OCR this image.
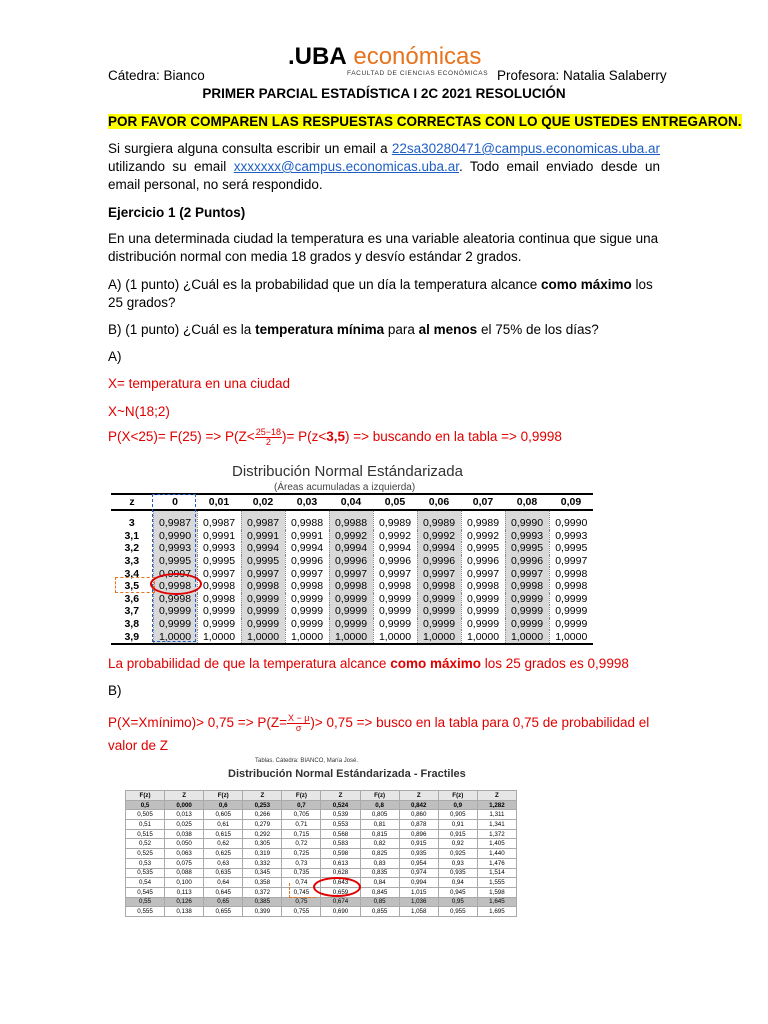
Cátedra: Bianco
.UBA económicas
FACULTAD DE CIENCIAS ECONÓMICAS Profesora: Natalia Salaberry
PRIMER PARCIAL ESTADÍSTICA I 2C 2021 RESOLUCIÓN
POR FAVOR COMPAREN LAS RESPUESTAS CORRECTAS CON LO QUE USTEDES ENTREGARON.
Si surgiera alguna consulta escribir un email a 22sa30280471@campus.economicas.uba.ar utilizando su email xxxxxxx@campus.economicas.uba.ar. Todo email enviado desde un email personal, no será respondido.
Ejercicio 1 (2 Puntos)
En una determinada ciudad la temperatura es una variable aleatoria continua que sigue una distribución normal con media 18 grados y desvío estándar 2 grados.
A) (1 punto) ¿Cuál es la probabilidad que un día la temperatura alcance como máximo los 25 grados?
B) (1 punto) ¿Cuál es la temperatura mínima para al menos el 75% de los días?
A)
X= temperatura en una ciudad
X~N(18;2)
$P(X<25)= F(25) => P(Z< \frac{25-18}{2}$ )= P(z<3,5) => buscando en la tabla => 0,9998
Distribución Normal Estándarizada
(Áreas acumuladas a izquierda)
z	0	0,01	0,02	0,03	0,04	0,05	0,06	0,07	0,08	0,09
3	0,9987	0,9987	0,9987	0,9988	0,9988	0,9989	0,9989	0,9989	0,9990	0,9990
3,1	0,9990	0,9991	0,9991	0,9991	0,9992	0,9992	0,9992	0,9992	0,9993	0,9993
3,2	0,9993	0,9993	0,9994	0,9994	0,9994	0,9994	0,9994	0,9995	0,9995	0,9995
3,3	0,9995	0,9995	0,9995	0,9996	0,9996	0,9996	0,9996	0,9996	0,9996	0,9997
3,4	0,9997	0,9997	0,9997	0,9997	0,9997	0,9997	0,9997	0,9997	0,9997	0,9998
3,5	0,9998	0,9998	0,9998	0,9998	0,9998	0,9998	0,9998	0,9998	0,9998	0,9998
3,6	0,9998	0,9998	0,9999	0,9999	0,9999	0,9999	0,9999	0,9999	0,9999	0,9999
3,7	0,9999	0,9999	0,9999	0,9999	0,9999	0,9999	0,9999	0,9999	0,9999	0,9999
3,8	0,9999	0,9999	0,9999	0,9999	0,9999	0,9999	0,9999	0,9999	0,9999	0,9999
3,9	1,0000	1,0000	1,0000	1,0000	1,0000	1,0000	1,0000	1,0000	1,0000	1,0000
La probabilidad de que la temperatura alcance como máximo los 25 grados es 0,9998
B)
P(X=Xmínimo)> $0,75 => P(Z= \frac{X - \mu}{\sigma}$ )> 0,75 => busco en la tabla para 0,75 de probabilidad el valor de Z
Tablas. Cátedra: BIANCO, María José.
Distribución Normal Estándarizada - Fractiles
F(z)	Z	F(z)	Z	F(z)	Z	F(z)	Z	F(z)	Z
0,5	0,000	0,6	0,253	0,7	0,524	0,8	0,842	0,9	1,282
0,505	0,013	0,605	0,266	0,705	0,539	0,805	0,860	0,905	1,311
0,51	0,025	0,61	0,279	0,71	0,553	0,81	0,878	0,91	1,341
0,515	0,038	0,615	0,292	0,715	0,568	0,815	0,896	0,915	1,372
0,52	0,050	0,62	0,305	0,72	0,583	0,82	0,915	0,92	1,405
0,525	0,063	0,625	0,319	0,725	0,598	0,825	0,935	0,925	1,440
0,53	0,075	0,63	0,332	0,73	0,613	0,83	0,954	0,93	1,476
0,535	0,088	0,635	0,345	0,735	0,628	0,835	0,974	0,935	1,514
0,54	0,100	0,64	0,358	0,74	0,643	0,84	0,994	0,94	1,555
0,545	0,113	0,645	0,372	0,745	0,659	0,845	1,015	0,945	1,598
0,55	0,126	0,65	0,385	0,75	0,674	0,85	1,036	0,95	1,645
0,555	0,138	0,655	0,399	0,755	0,690	0,855	1,058	0,955	1,695
